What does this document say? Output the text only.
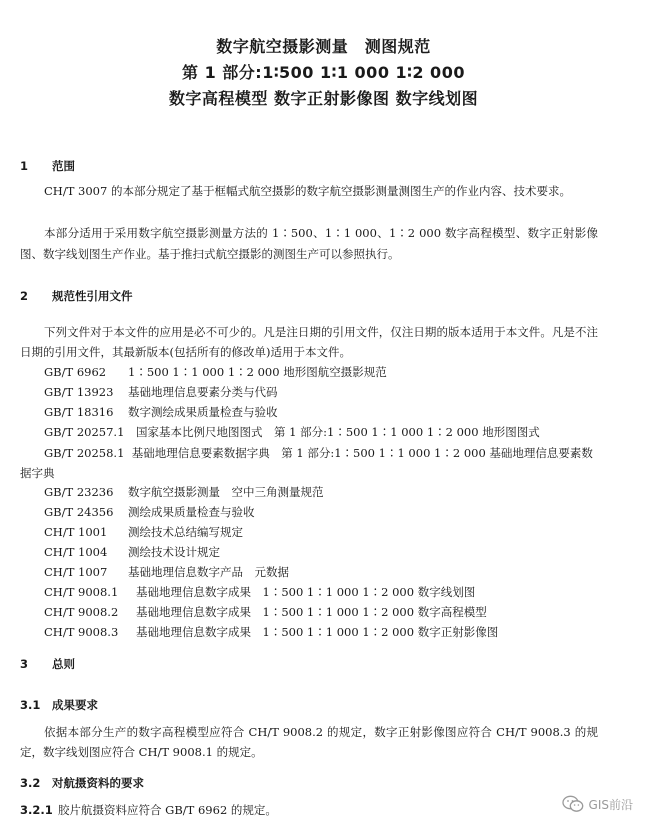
数字航空摄影测量　测图规范
第 1 部分:1∶500 1∶1 000 1∶2 000
数字高程模型 数字正射影像图 数字线划图
1 范围
CH/T 3007 的本部分规定了基于框幅式航空摄影的数字航空摄影测量测图生产的作业内容、技术要求。
本部分适用于采用数字航空摄影测量方法的 1∶500、1∶1 000、1∶2 000 数字高程模型、数字正射影像图、数字线划图生产作业。基于推扫式航空摄影的测图生产可以参照执行。
2 规范性引用文件
下列文件对于本文件的应用是必不可少的。凡是注日期的引用文件，仅注日期的版本适用于本文件。凡是不注日期的引用文件，其最新版本(包括所有的修改单)适用于本文件。
GB/T 6962 1∶500 1∶1 000 1∶2 000 地形图航空摄影规范
GB/T 13923 基础地理信息要素分类与代码
GB/T 18316 数字测绘成果质量检查与验收
GB/T 20257.1 国家基本比例尺地图图式　第 1 部分:1∶500 1∶1 000 1∶2 000 地形图图式
GB/T 20258.1 基础地理信息要素数据字典　第 1 部分:1∶500 1∶1 000 1∶2 000 基础地理信息要素数据字典
GB/T 23236 数字航空摄影测量　空中三角测量规范
GB/T 24356 测绘成果质量检查与验收
CH/T 1001 测绘技术总结编写规定
CH/T 1004 测绘技术设计规定
CH/T 1007 基础地理信息数字产品　元数据
CH/T 9008.1 基础地理信息数字成果　1∶500 1∶1 000 1∶2 000 数字线划图
CH/T 9008.2 基础地理信息数字成果　1∶500 1∶1 000 1∶2 000 数字高程模型
CH/T 9008.3 基础地理信息数字成果　1∶500 1∶1 000 1∶2 000 数字正射影像图
3 总则
3.1 成果要求
依据本部分生产的数字高程模型应符合 CH/T 9008.2 的规定，数字正射影像图应符合 CH/T 9008.3 的规定，数字线划图应符合 CH/T 9008.1 的规定。
3.2 对航摄资料的要求
3.2.1 胶片航摄资料应符合 GB/T 6962 的规定。	GIS前沿
